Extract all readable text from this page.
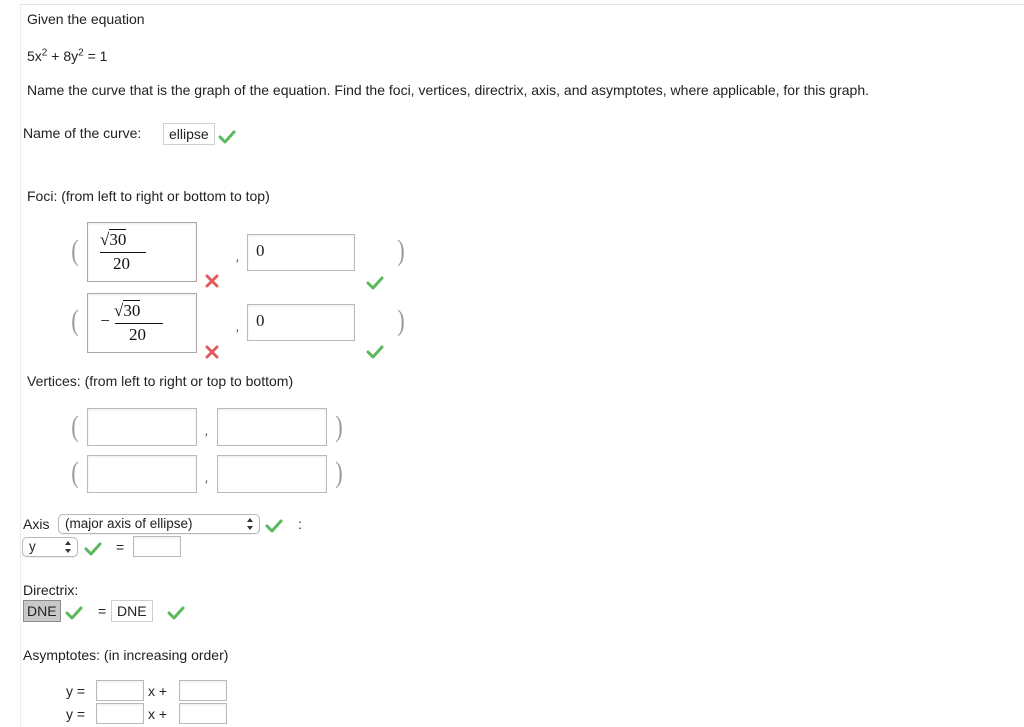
Given the equation
$5x^2 + 8y^2 = 1$
Name the curve that is the graph of the equation. Find the foci, vertices, directrix, axis, and asymptotes, where applicable, for this graph.
Name of the curve:	ellipse
Foci: (from left to right or bottom to top)
( √30
20	, 0	)
( −√30
20	, 0	)
Vertices: (from left to right or top to bottom)
(	,	)
(	,	)
Axis	(major axis of ellipse)	:
y	=
Directrix:
DNE	= DNE
Asymptotes: (in increasing order)
y =	x +
y =	x +
